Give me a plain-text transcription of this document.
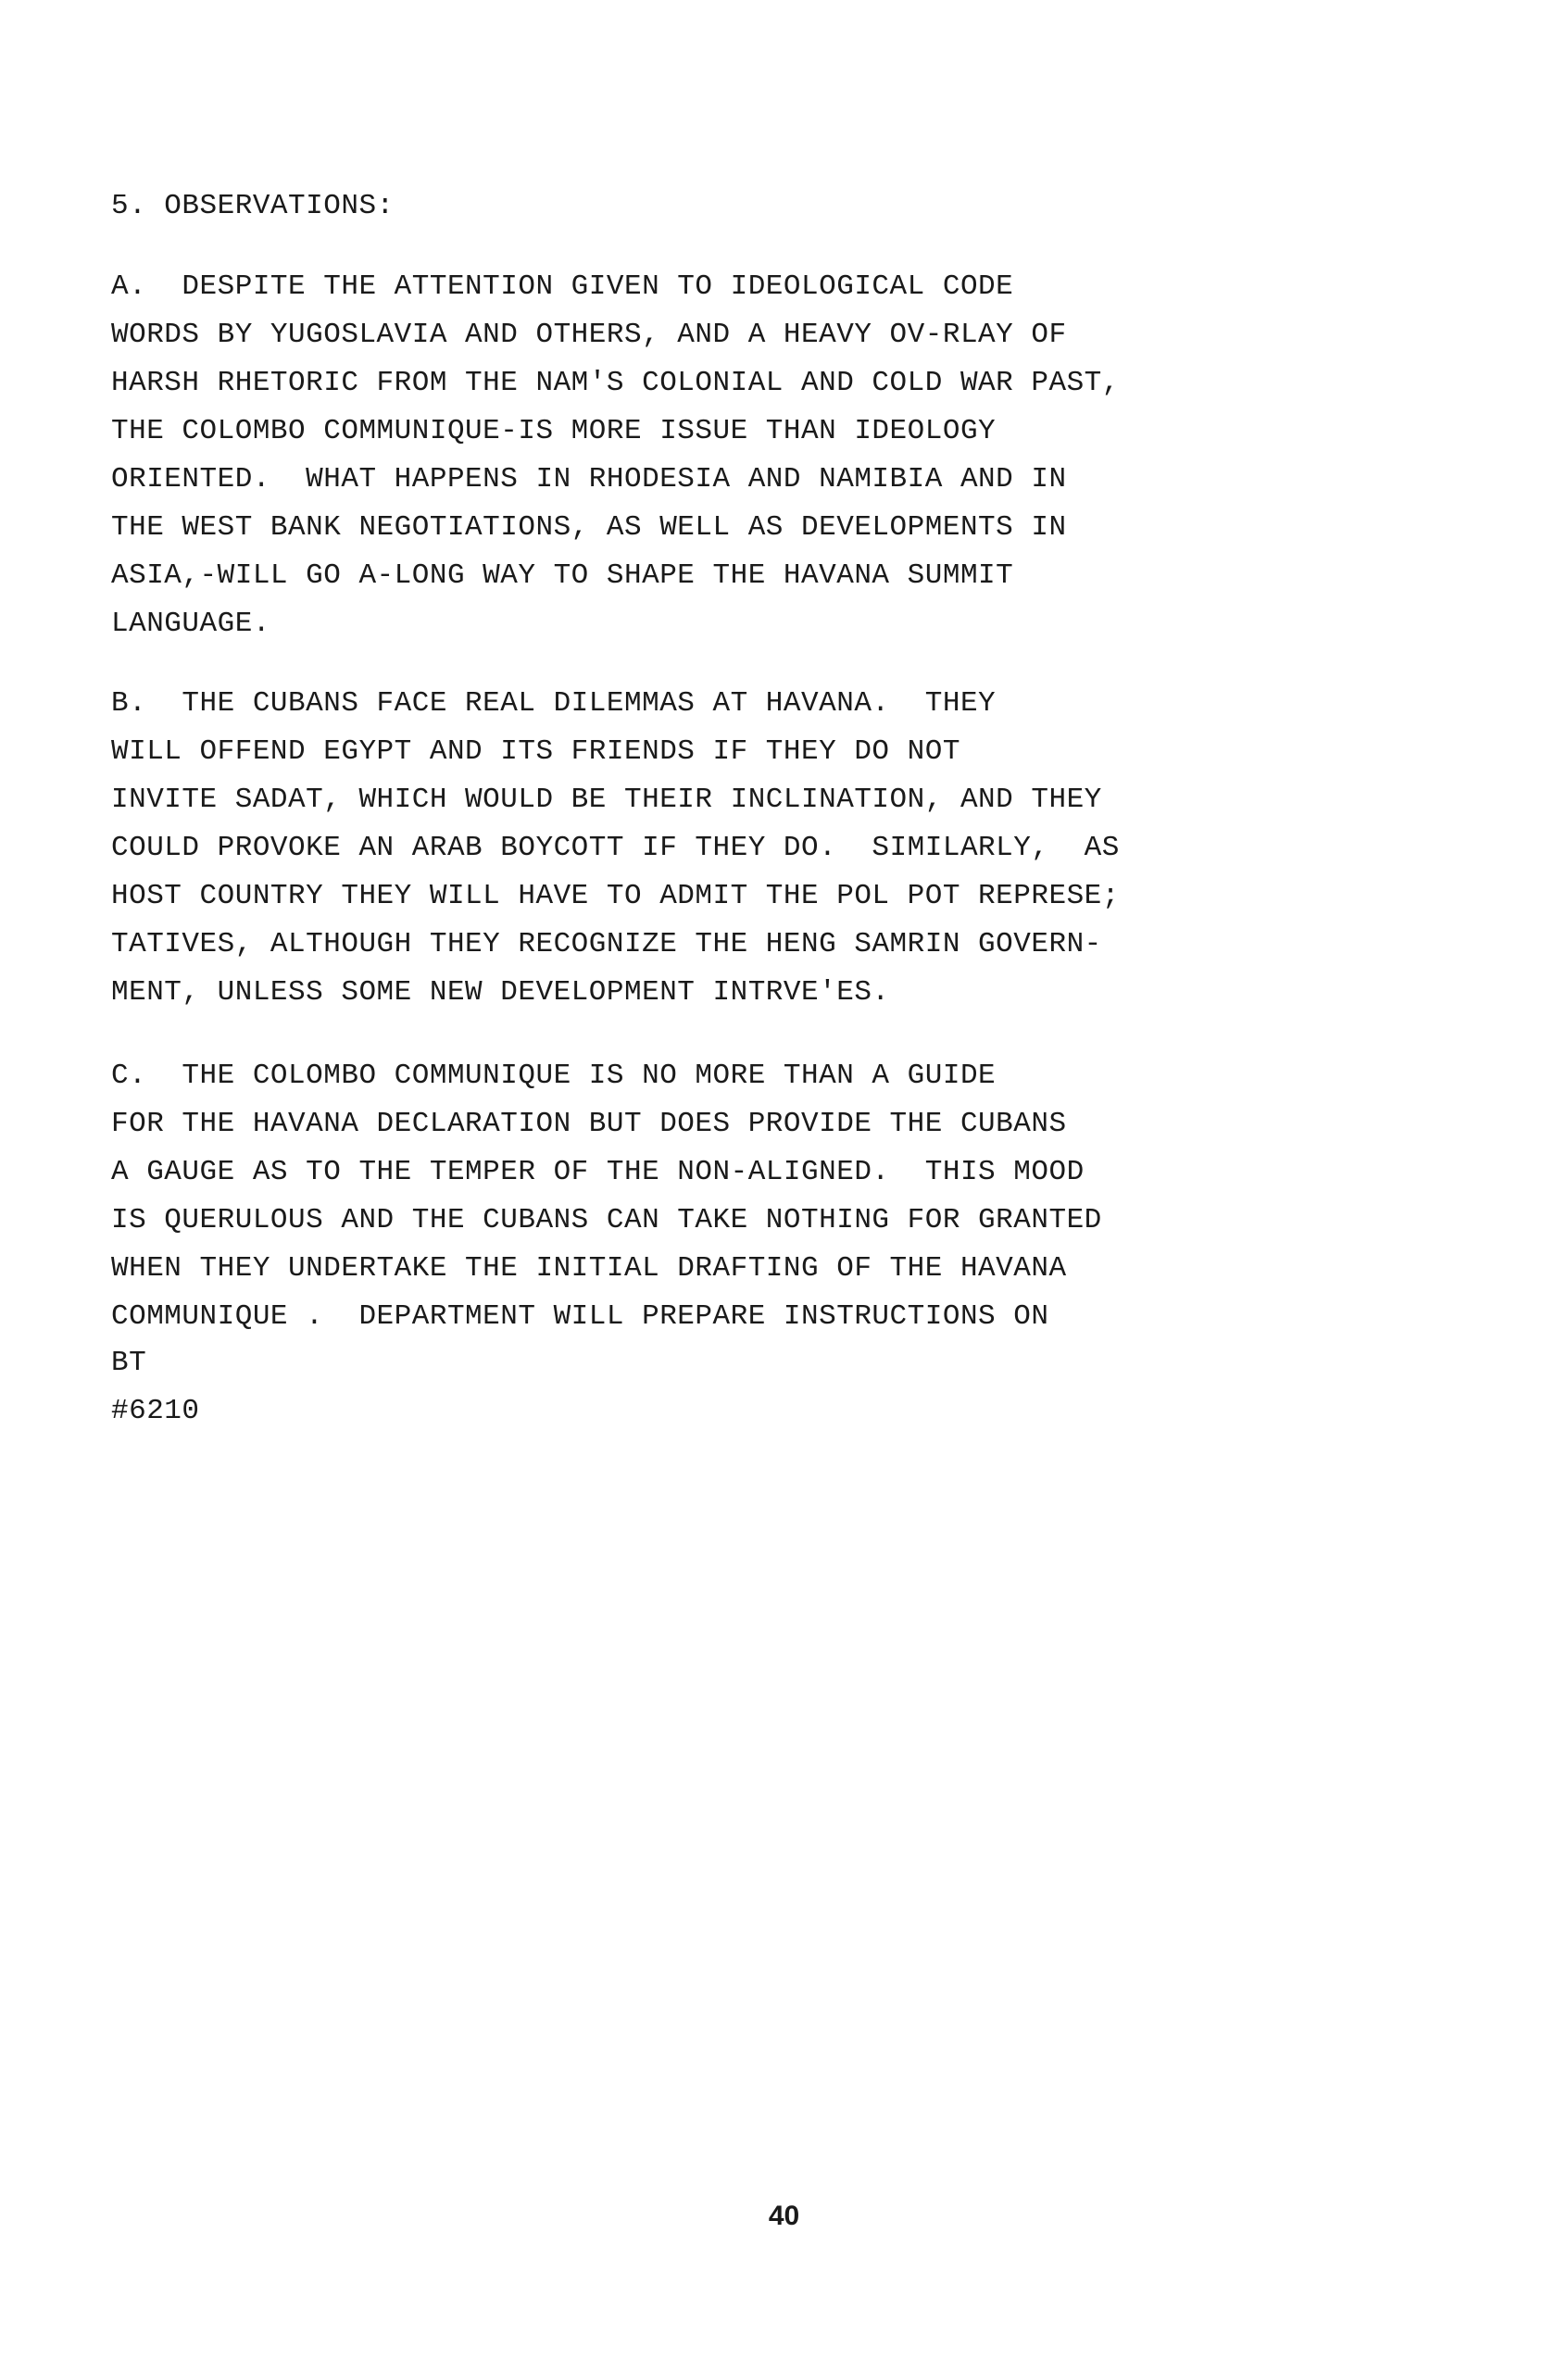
5. OBSERVATIONS:
A.  DESPITE THE ATTENTION GIVEN TO IDEOLOGICAL CODE
WORDS BY YUGOSLAVIA AND OTHERS, AND A HEAVY OV-RLAY OF
HARSH RHETORIC FROM THE NAM'S COLONIAL AND COLD WAR PAST,
THE COLOMBO COMMUNIQUE-IS MORE ISSUE THAN IDEOLOGY
ORIENTED.  WHAT HAPPENS IN RHODESIA AND NAMIBIA AND IN
THE WEST BANK NEGOTIATIONS, AS WELL AS DEVELOPMENTS IN
ASIA,-WILL GO A-LONG WAY TO SHAPE THE HAVANA SUMMIT
LANGUAGE.
B.  THE CUBANS FACE REAL DILEMMAS AT HAVANA.  THEY
WILL OFFEND EGYPT AND ITS FRIENDS IF THEY DO NOT
INVITE SADAT, WHICH WOULD BE THEIR INCLINATION, AND THEY
COULD PROVOKE AN ARAB BOYCOTT IF THEY DO.  SIMILARLY,  AS
HOST COUNTRY THEY WILL HAVE TO ADMIT THE POL POT REPRESE;
TATIVES, ALTHOUGH THEY RECOGNIZE THE HENG SAMRIN GOVERN-
MENT, UNLESS SOME NEW DEVELOPMENT INTRVE'ES.
C.  THE COLOMBO COMMUNIQUE IS NO MORE THAN A GUIDE
FOR THE HAVANA DECLARATION BUT DOES PROVIDE THE CUBANS
A GAUGE AS TO THE TEMPER OF THE NON-ALIGNED.  THIS MOOD
IS QUERULOUS AND THE CUBANS CAN TAKE NOTHING FOR GRANTED
WHEN THEY UNDERTAKE THE INITIAL DRAFTING OF THE HAVANA
COMMUNIQUE .  DEPARTMENT WILL PREPARE INSTRUCTIONS ON
BT
#6210
40
